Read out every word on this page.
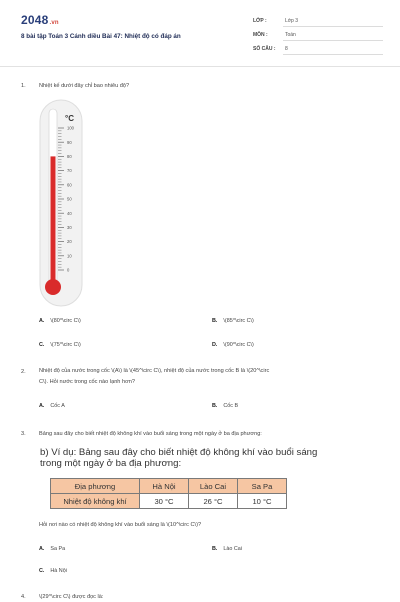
2048.vn
8 bài tập Toán 3 Cánh diều Bài 47: Nhiệt độ có đáp án
LỚP :	Lớp 3
MÔN :	Toán
SỐ CÂU : 8
1. Nhiệt kế dưới đây chỉ bao nhiêu độ?
°C
100
90
80
70
60
50
40
30
20
10
0
A. \(80^\circ C\)	B. \(85^\circ C\)
C. \(75^\circ C\)	D. \(90^\circ C\)
2. Nhiệt độ của nước trong cốc \(A\) là \(45^\circ C\), nhiệt độ của nước trong cốc B là \(20^\circ
C\). Hỏi nước trong cốc nào lạnh hơn?
A. Cốc A	B. Cốc B
3. Bảng sau đây cho biết nhiệt độ không khí vào buổi sáng trong một ngày ở ba địa phương:
b) Ví dụ: Bảng sau đây cho biết nhiệt độ không khí vào buổi sáng trong một ngày ở ba địa phương:
Địa phương	Hà Nội	Lào Cai	Sa Pa
Nhiệt độ không khí	30 °C	26 °C	10 °C
Hỏi nơi nào có nhiệt độ không khí vào buổi sáng là \(10^\circ C\)?
A. Sa Pa	B. Lào Cai
C. Hà Nội
4. \(29^\circ C\) được đọc là:
